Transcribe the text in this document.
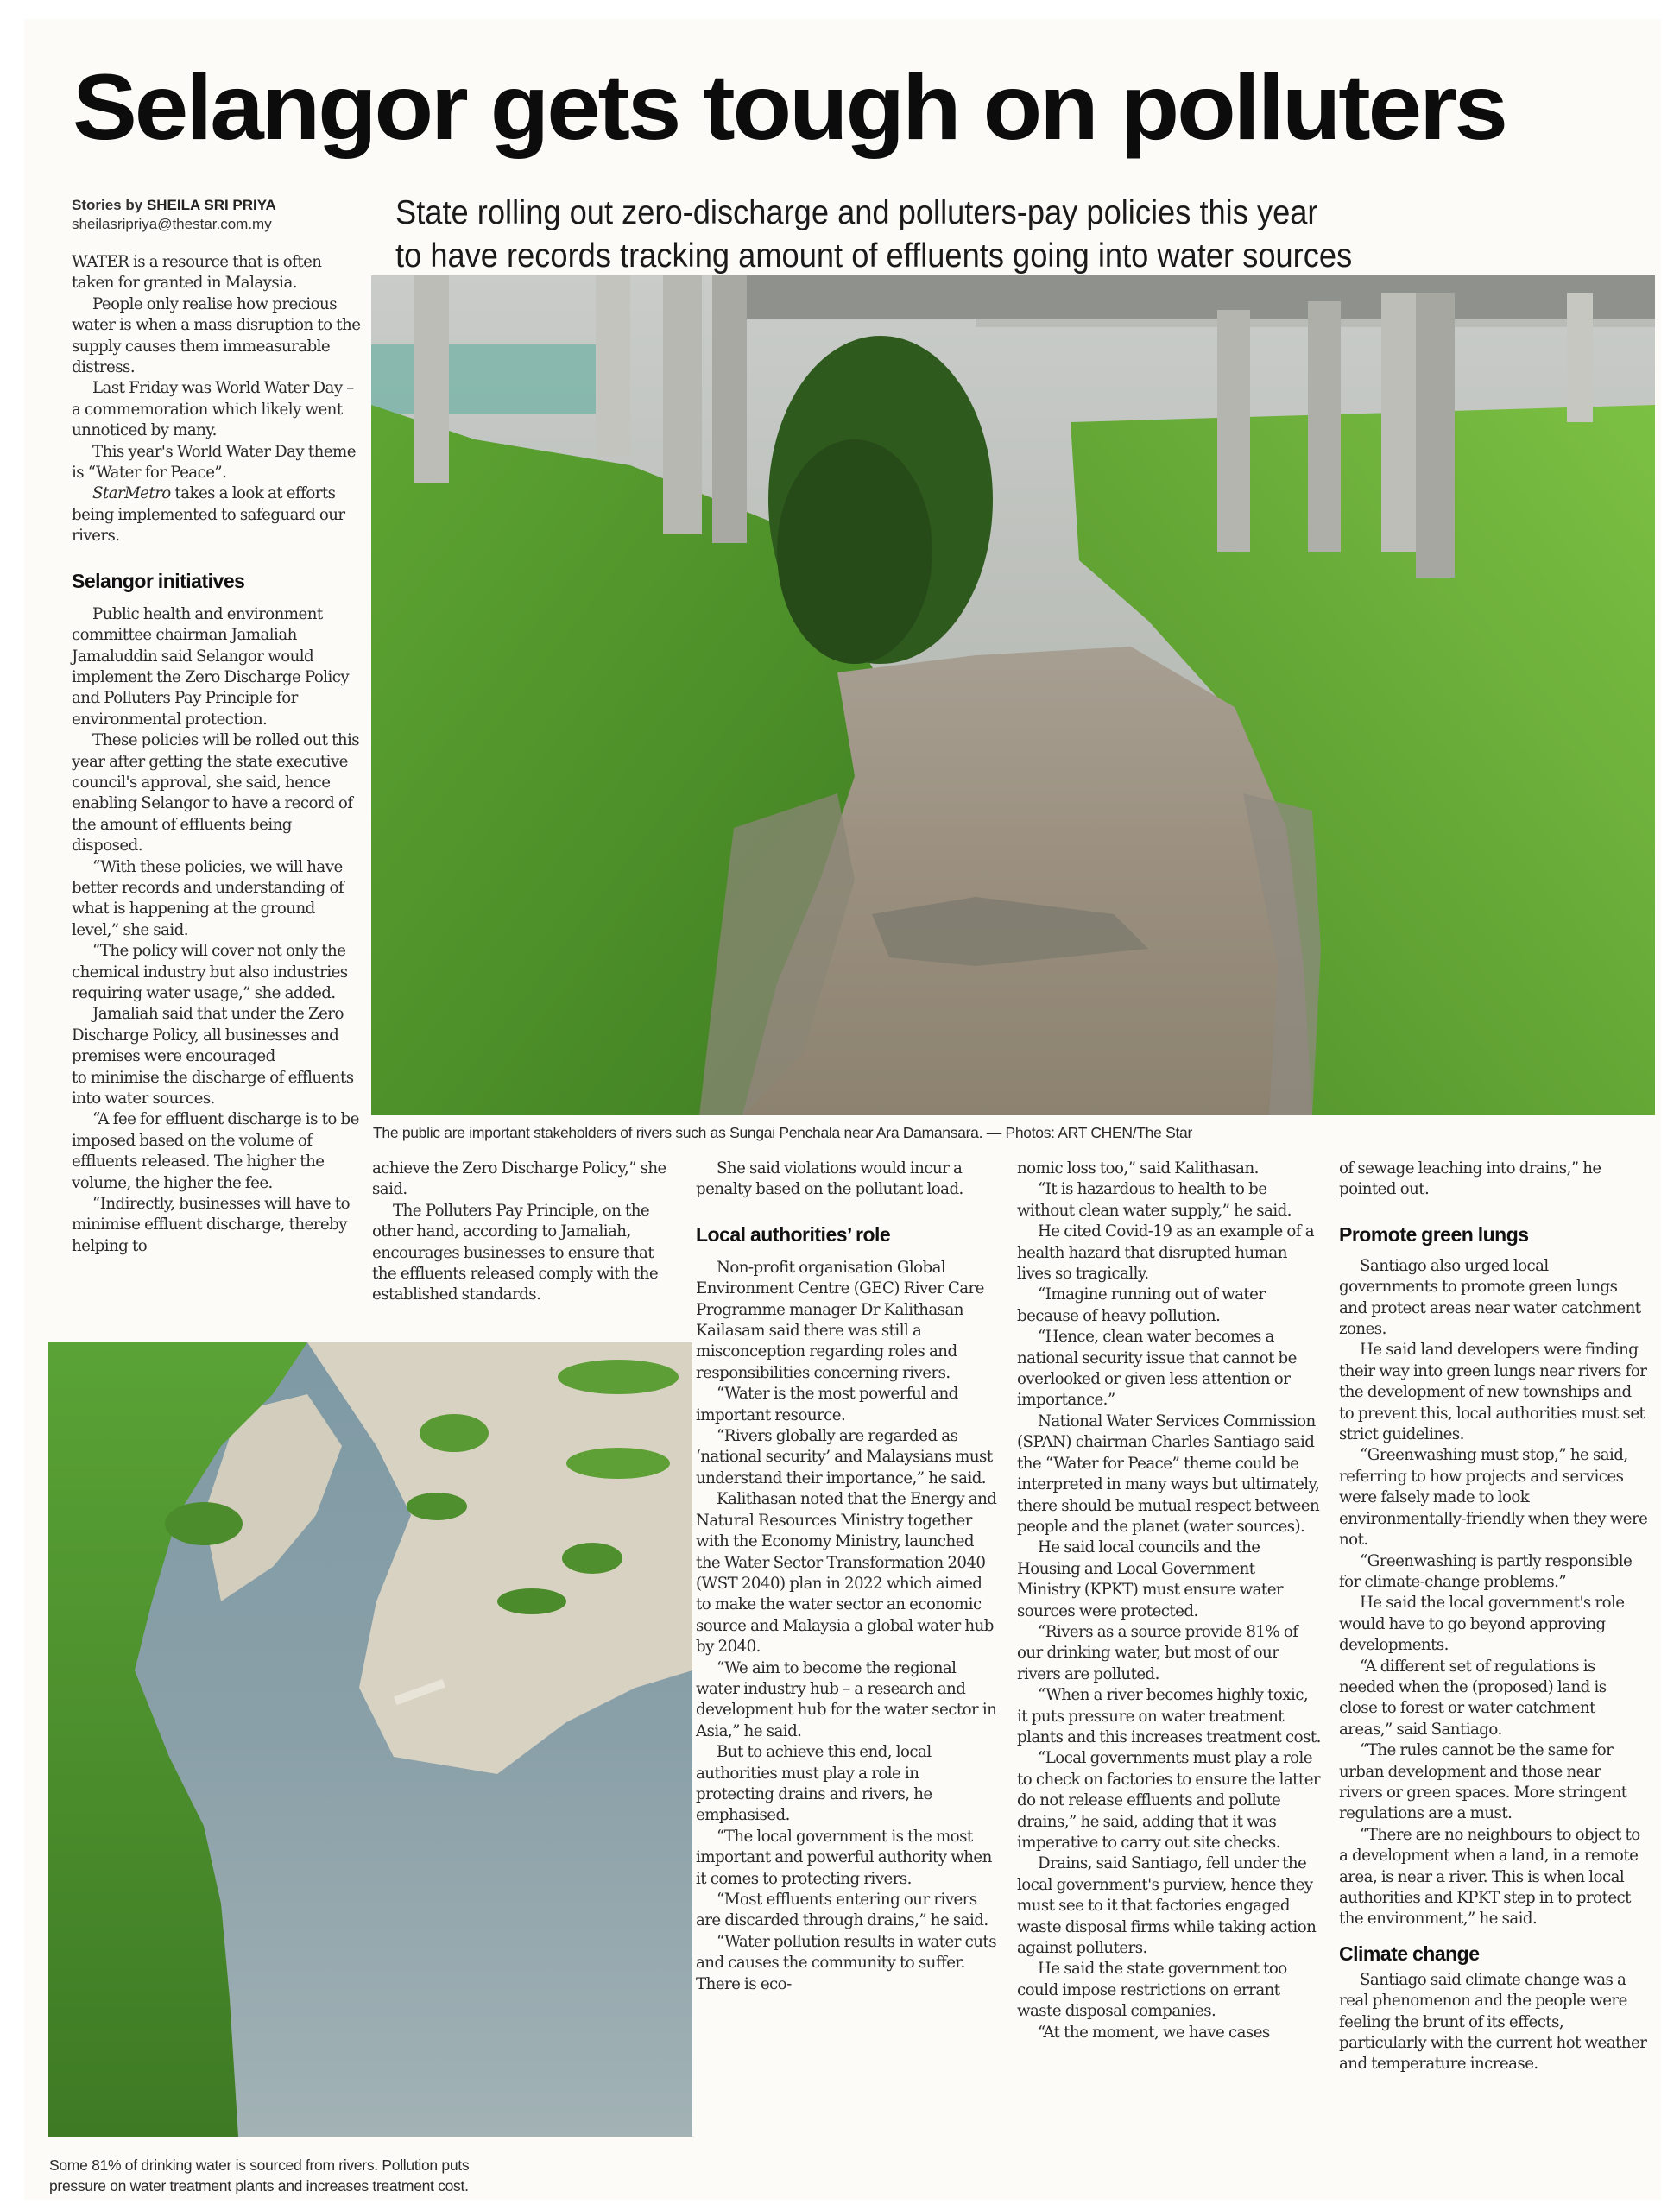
Selangor gets tough on polluters
Stories by SHEILA SRI PRIYA
sheilasripriya@thestar.com.my	State rolling out zero-discharge and polluters-pay policies this year
to have records tracking amount of effluents going into water sources
The public are important stakeholders of rivers such as Sungai Penchala near Ara Damansara. — Photos: ART CHEN/The Star

WATER is a resource that is often taken for granted in Malaysia.

People only realise how precious water is when a mass disruption to the supply causes them immeasurable distress.

Last Friday was World Water Day – a commemoration which likely went unnoticed by many.

This year's World Water Day theme is “Water for Peace”.

StarMetro takes a look at efforts being implemented to safeguard our rivers.

Selangor initiatives

Public health and environment committee chairman Jamaliah Jamaluddin said Selangor would implement the Zero Discharge Policy and Polluters Pay Principle for environmental protection.

These policies will be rolled out this year after getting the state executive council's approval, she said, hence enabling Selangor to have a record of the amount of effluents being disposed.

“With these policies, we will have better records and understanding of what is happening at the ground level,” she said.

“The policy will cover not only the chemical industry but also industries requiring water usage,” she added.

Jamaliah said that under the Zero Discharge Policy, all businesses and premises were encouraged

to minimise the discharge of effluents into water sources.

“A fee for effluent discharge is to be imposed based on the volume of effluents released. The higher the volume, the higher the fee.

“Indirectly, businesses will have to minimise effluent discharge, thereby helping to

achieve the Zero Discharge Policy,” she said.

The Polluters Pay Principle, on the other hand, according to Jamaliah, encourages businesses to ensure that the effluents released comply with the established standards.

Some 81% of drinking water is sourced from rivers. Pollution puts
pressure on water treatment plants and increases treatment cost.

She said violations would incur a penalty based on the pollutant load.

Local authorities’ role

Non-profit organisation Global Environment Centre (GEC) River Care Programme manager Dr Kalithasan Kailasam said there was still a misconception regarding roles and responsibilities concerning rivers.

“Water is the most powerful and important resource.

“Rivers globally are regarded as ‘national security’ and Malaysians must understand their importance,” he said.

Kalithasan noted that the Energy and Natural Resources Ministry together with the Economy Ministry, launched the Water Sector Transformation 2040 (WST 2040) plan in 2022 which aimed to make the water sector an economic source and Malaysia a global water hub by 2040.

“We aim to become the regional water industry hub – a research and development hub for the water sector in Asia,” he said.

But to achieve this end, local authorities must play a role in protecting drains and rivers, he emphasised.

“The local government is the most important and powerful authority when it comes to protecting rivers.

“Most effluents entering our rivers are discarded through drains,” he said.

“Water pollution results in water cuts and causes the community to suffer. There is eco-

nomic loss too,” said Kalithasan.

“It is hazardous to health to be without clean water supply,” he said.

He cited Covid-19 as an example of a health hazard that disrupted human lives so tragically.

“Imagine running out of water because of heavy pollution.

“Hence, clean water becomes a national security issue that cannot be overlooked or given less attention or importance.”

National Water Services Commission (SPAN) chairman Charles Santiago said the “Water for Peace” theme could be interpreted in many ways but ultimately, there should be mutual respect between people and the planet (water sources).

He said local councils and the Housing and Local Government Ministry (KPKT) must ensure water sources were protected.

“Rivers as a source provide 81% of our drinking water, but most of our rivers are polluted.

“When a river becomes highly toxic, it puts pressure on water treatment plants and this increases treatment cost.

“Local governments must play a role to check on factories to ensure the latter do not release effluents and pollute drains,” he said, adding that it was imperative to carry out site checks.

Drains, said Santiago, fell under the local government's purview, hence they must see to it that factories engaged waste disposal firms while taking action against polluters.

He said the state government too could impose restrictions on errant waste disposal companies.

“At the moment, we have cases

of sewage leaching into drains,” he pointed out.

Promote green lungs

Santiago also urged local governments to promote green lungs and protect areas near water catchment zones.

He said land developers were finding their way into green lungs near rivers for the development of new townships and to prevent this, local authorities must set strict guidelines.

“Greenwashing must stop,” he said, referring to how projects and services were falsely made to look environmentally-friendly when they were not.

“Greenwashing is partly responsible for climate-change problems.”

He said the local government's role would have to go beyond approving developments.

“A different set of regulations is needed when the (proposed) land is close to forest or water catchment areas,” said Santiago.

“The rules cannot be the same for urban development and those near rivers or green spaces. More stringent regulations are a must.

“There are no neighbours to object to a development when a land, in a remote area, is near a river. This is when local authorities and KPKT step in to protect the environment,” he said.

Climate change

Santiago said climate change was a real phenomenon and the people were feeling the brunt of its effects, particularly with the current hot weather and temperature increase.
